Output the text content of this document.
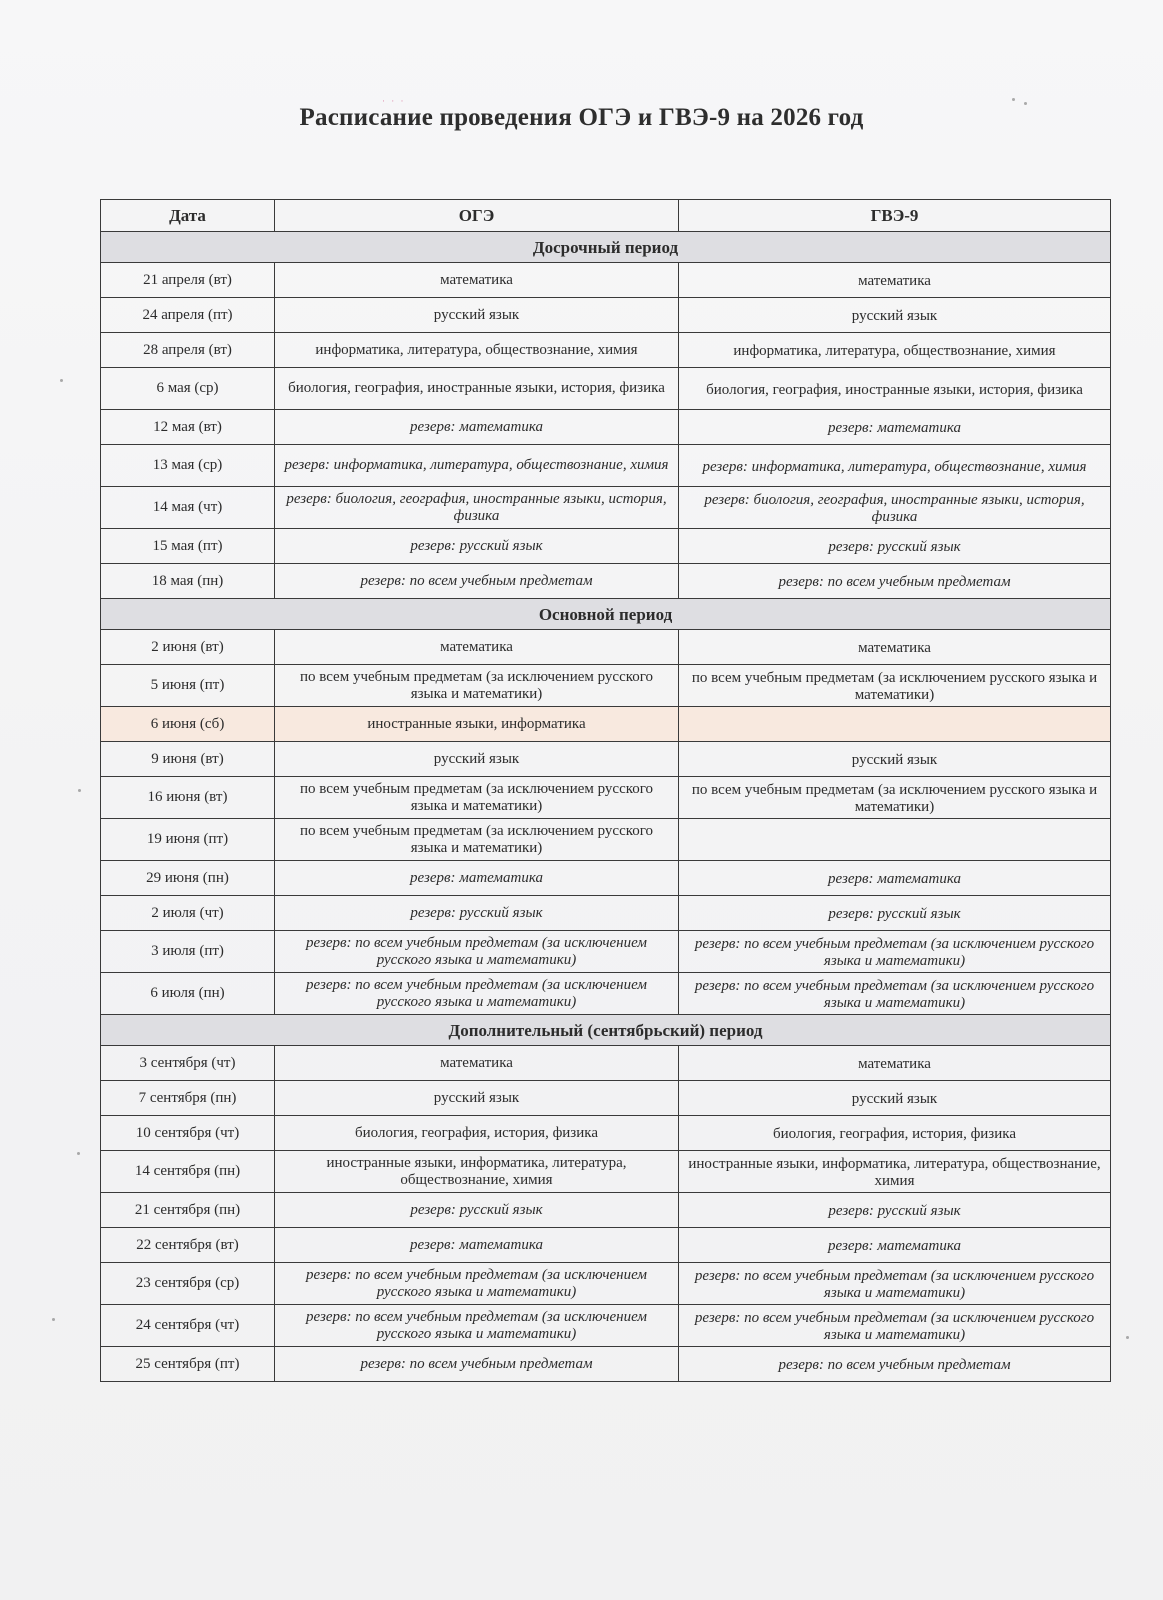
· · ·
Расписание проведения ОГЭ и ГВЭ-9 на 2026 год
Дата	ОГЭ	ГВЭ-9
Досрочный период		
21 апреля (вт)	математика	математика
24 апреля (пт)	русский язык	русский язык
28 апреля (вт)	информатика, литература, обществознание, химия	информатика, литература, обществознание, химия
6 мая (ср)	биология, география, иностранные языки, история, физика	биология, география, иностранные языки, история, физика
12 мая (вт)	резерв: математика	резерв: математика
13 мая (ср)	резерв: информатика, литература, обществознание, химия	резерв: информатика, литература, обществознание, химия
14 мая (чт)	резерв: биология, география, иностранные языки, история, физика	резерв: биология, география, иностранные языки, история, физика
15 мая (пт)	резерв: русский язык	резерв: русский язык
18 мая (пн)	резерв: по всем учебным предметам	резерв: по всем учебным предметам
Основной период		
2 июня (вт)	математика	математика
5 июня (пт)	по всем учебным предметам (за исключением русского языка и математики)	по всем учебным предметам (за исключением русского языка и математики)
6 июня (сб)	иностранные языки, информатика	
9 июня (вт)	русский язык	русский язык
16 июня (вт)	по всем учебным предметам (за исключением русского языка и математики)	по всем учебным предметам (за исключением русского языка и математики)
19 июня (пт)	по всем учебным предметам (за исключением русского языка и математики)	
29 июня (пн)	резерв: математика	резерв: математика
2 июля (чт)	резерв: русский язык	резерв: русский язык
3 июля (пт)	резерв: по всем учебным предметам (за исключением русского языка и математики)	резерв: по всем учебным предметам (за исключением русского языка и математики)
6 июля (пн)	резерв: по всем учебным предметам (за исключением русского языка и математики)	резерв: по всем учебным предметам (за исключением русского языка и математики)
Дополнительный (сентябрьский) период		
3 сентября (чт)	математика	математика
7 сентября (пн)	русский язык	русский язык
10 сентября (чт)	биология, география, история, физика	биология, география, история, физика
14 сентября (пн)	иностранные языки, информатика, литература, обществознание, химия	иностранные языки, информатика, литература, обществознание, химия
21 сентября (пн)	резерв: русский язык	резерв: русский язык
22 сентября (вт)	резерв: математика	резерв: математика
23 сентября (ср)	резерв: по всем учебным предметам (за исключением русского языка и математики)	резерв: по всем учебным предметам (за исключением русского языка и математики)
24 сентября (чт)	резерв: по всем учебным предметам (за исключением русского языка и математики)	резерв: по всем учебным предметам (за исключением русского языка и математики)
25 сентября (пт)	резерв: по всем учебным предметам	резерв: по всем учебным предметам
